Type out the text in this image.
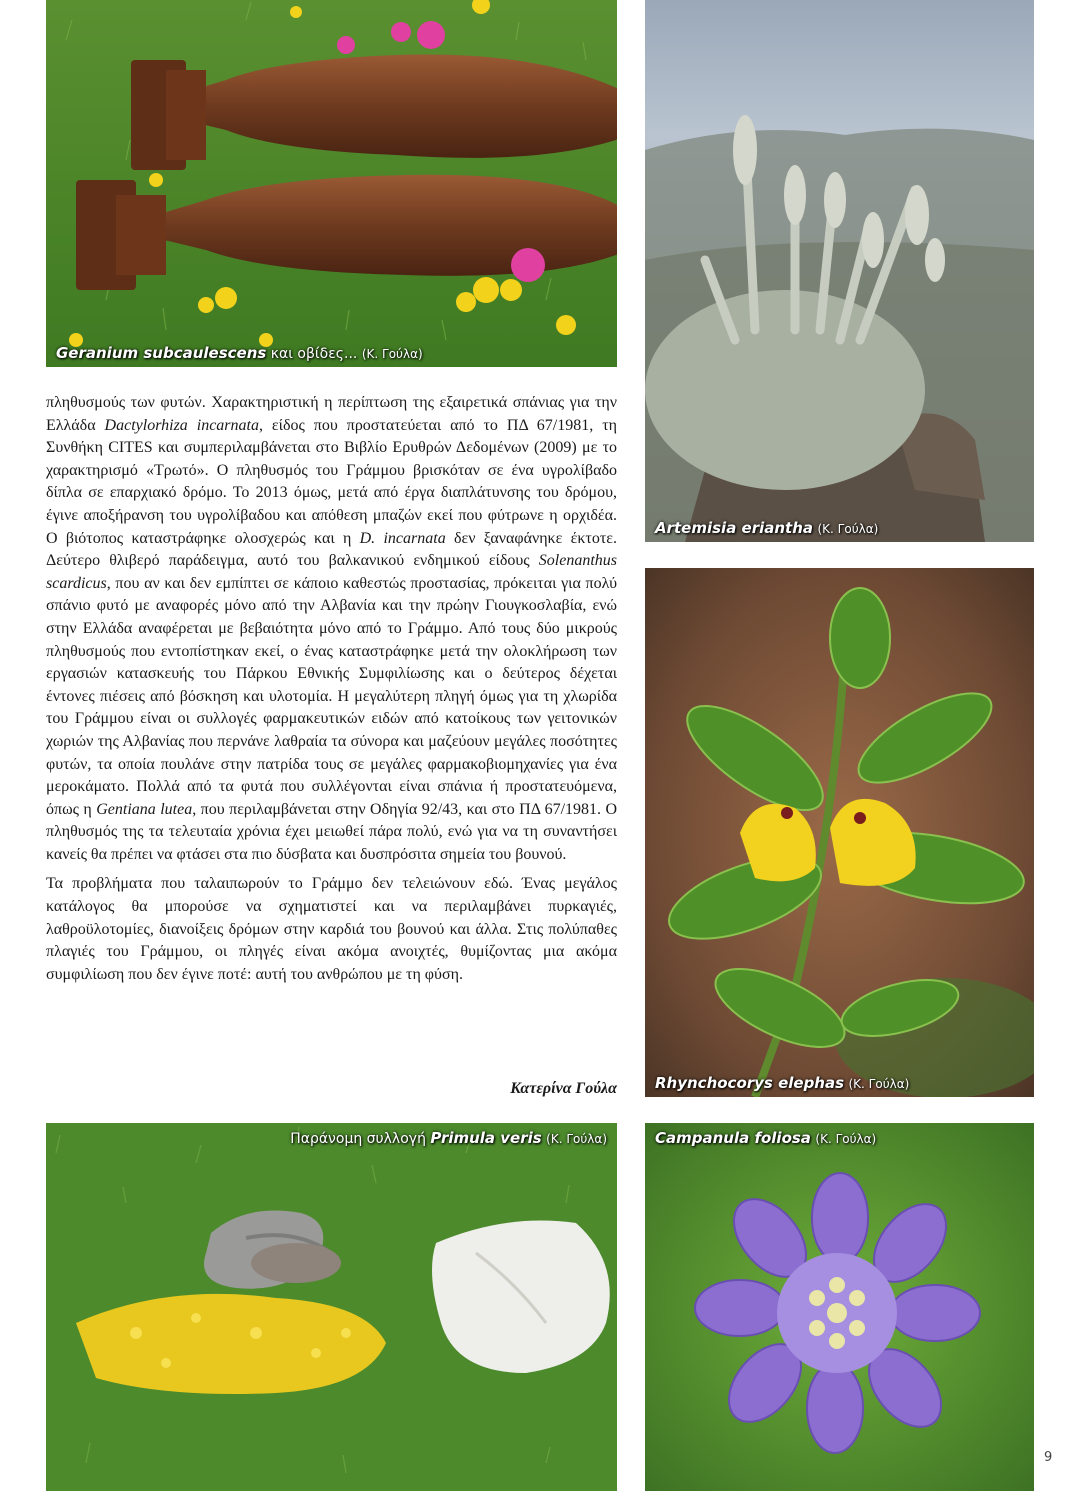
Geranium subcaulescens και οβίδες... (Κ. Γούλα)
Artemisia eriantha (Κ. Γούλα)
Rhynchocorys elephas (Κ. Γούλα)

πληθυσμούς των φυτών. Χαρακτηριστική η περίπτωση της εξαιρετικά σπάνιας για την Ελλάδα Dactylorhiza incarnata, είδος που προστατεύεται από το ΠΔ 67/1981, τη Συνθήκη CITES και συμπεριλαμβάνεται στο Βιβλίο Ερυθρών Δεδομένων (2009) με το χαρακτηρισμό «Τρωτό». Ο πληθυσμός του Γράμμου βρισκόταν σε ένα υγρολίβαδο δίπλα σε επαρχιακό δρόμο. Το 2013 όμως, μετά από έργα διαπλάτυνσης του δρόμου, έγινε αποξήρανση του υγρολίβαδου και απόθεση μπαζών εκεί που φύτρωνε η ορχιδέα. Ο βιότοπος καταστράφηκε ολοσχερώς και η D. incarnata δεν ξαναφάνηκε έκτοτε. Δεύτερο θλιβερό παράδειγμα, αυτό του βαλκανικού ενδημικού είδους Solenanthus scardicus, που αν και δεν εμπίπτει σε κάποιο καθεστώς προστασίας, πρόκειται για πολύ σπάνιο φυτό με αναφορές μόνο από την Αλβανία και την πρώην Γιουγκοσλαβία, ενώ στην Ελλάδα αναφέρεται με βεβαιότητα μόνο από το Γράμμο. Από τους δύο μικρούς πληθυσμούς που εντοπίστηκαν εκεί, ο ένας καταστράφηκε μετά την ολοκλήρωση των εργασιών κατασκευής του Πάρκου Εθνικής Συμφιλίωσης και ο δεύτερος δέχεται έντονες πιέσεις από βόσκηση και υλοτομία. Η μεγαλύτερη πληγή όμως για τη χλωρίδα του Γράμμου είναι οι συλλογές φαρμακευτικών ειδών από κατοίκους των γειτονικών χωριών της Αλβανίας που περνάνε λαθραία τα σύνορα και μαζεύουν μεγάλες ποσότητες φυτών, τα οποία πουλάνε στην πατρίδα τους σε μεγάλες φαρμακοβιομηχανίες για ένα μεροκάματο. Πολλά από τα φυτά που συλλέγονται είναι σπάνια ή προστατευόμενα, όπως η Gentiana lutea, που περιλαμβάνεται στην Οδηγία 92/43, και στο ΠΔ 67/1981. Ο πληθυσμός της τα τελευταία χρόνια έχει μειωθεί πάρα πολύ, ενώ για να τη συναντήσει κανείς θα πρέπει να φτάσει στα πιο δύσβατα και δυσπρόσιτα σημεία του βουνού.

Τα προβλήματα που ταλαιπωρούν το Γράμμο δεν τελειώνουν εδώ. Ένας μεγάλος κατάλογος θα μπορούσε να σχηματιστεί και να περιλαμβάνει πυρκαγιές, λαθροϋλοτομίες, διανοίξεις δρόμων στην καρδιά του βουνού και άλλα. Στις πολύπαθες πλαγιές του Γράμμου, οι πληγές είναι ακόμα ανοιχτές, θυμίζοντας μια ακόμα συμφιλίωση που δεν έγινε ποτέ: αυτή του ανθρώπου με τη φύση.

Κατερίνα Γούλα
Παράνομη συλλογή Primula veris (Κ. Γούλα)	Campanula foliosa (Κ. Γούλα)
9
